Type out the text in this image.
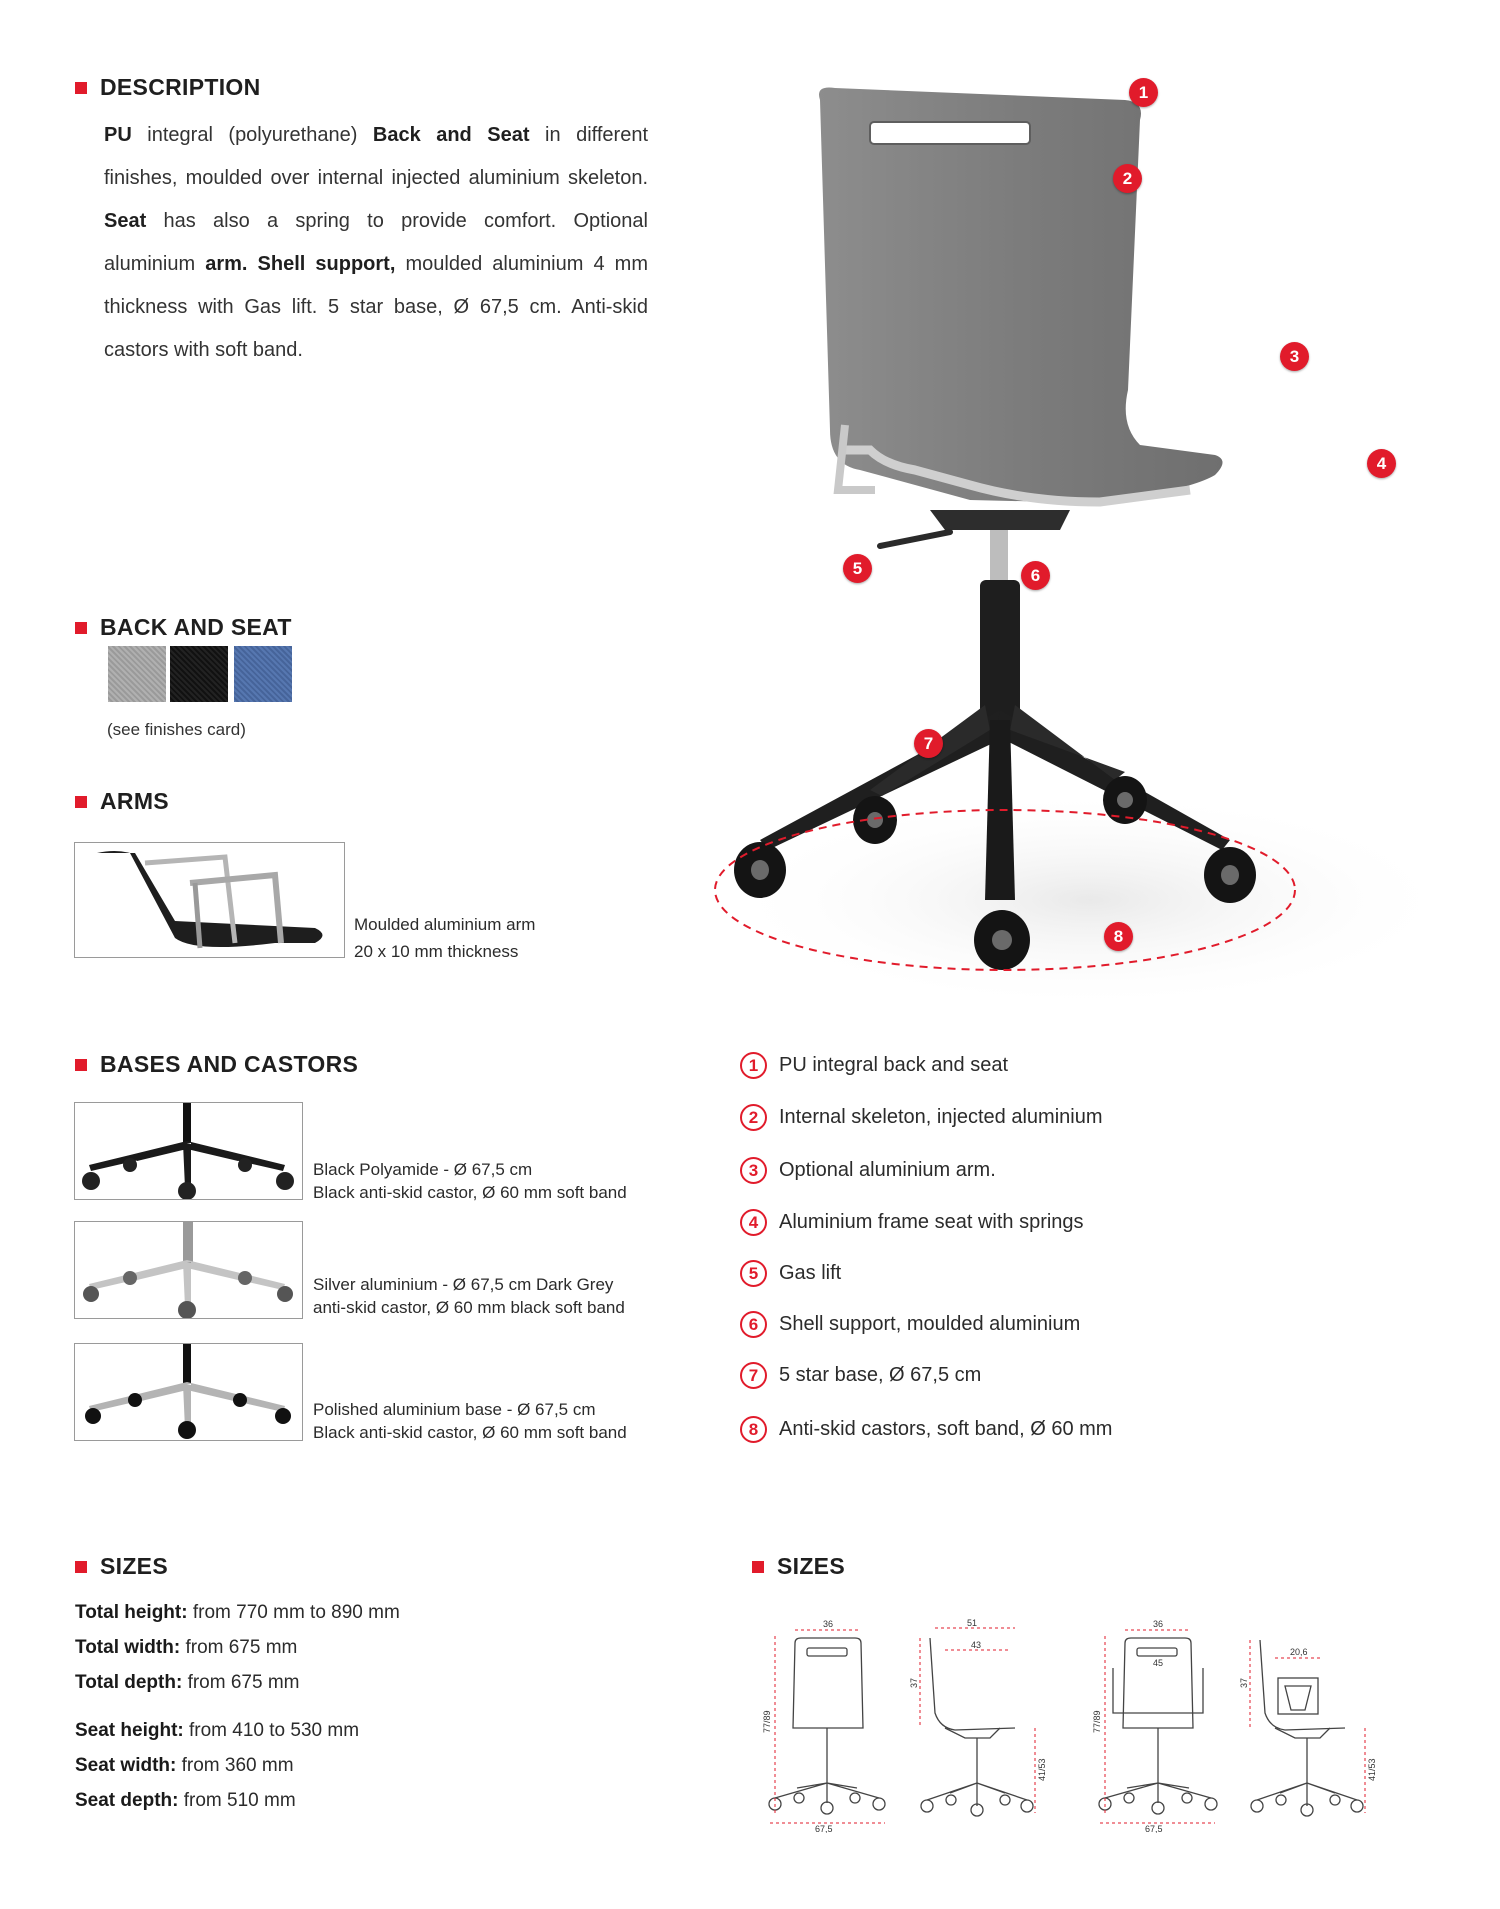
DESCRIPTION
PU integral (polyurethane) Back and Seat in different finishes, moulded over internal injected aluminium skeleton. Seat has also a spring to provide comfort. Optional aluminium arm. Shell support, moulded aluminium 4 mm thickness with Gas lift. 5 star base, Ø 67,5 cm. Anti-skid castors with soft band.
1
2
3
4
5	6
7
8
BACK AND SEAT
(see finishes card)
ARMS
Moulded aluminium arm
20 x 10 mm thickness
BASES AND CASTORS
Black Polyamide - Ø 67,5 cm
Black anti-skid castor, Ø 60 mm soft band
Silver aluminium - Ø 67,5 cm Dark Grey
anti-skid castor, Ø 60 mm black soft band
Polished aluminium base - Ø 67,5 cm
Black anti-skid castor, Ø 60 mm soft band
1	PU integral back and seat
2	Internal skeleton, injected aluminium
3	Optional aluminium arm.
4	Aluminium frame seat with springs
5	Gas lift
6	Shell support, moulded aluminium
7	5 star base, Ø 67,5 cm
8	Anti-skid castors, soft band, Ø 60 mm
SIZES
Total height: from 770 mm to 890 mm
Total width: from 675 mm
Total depth: from 675 mm
Seat height: from 410 to 530 mm
Seat width: from 360 mm
Seat depth: from 510 mm
SIZES
36	51
43
37
77/89
41/53
67,5
36
45
20,6
37
77/89
41/53
67,5
